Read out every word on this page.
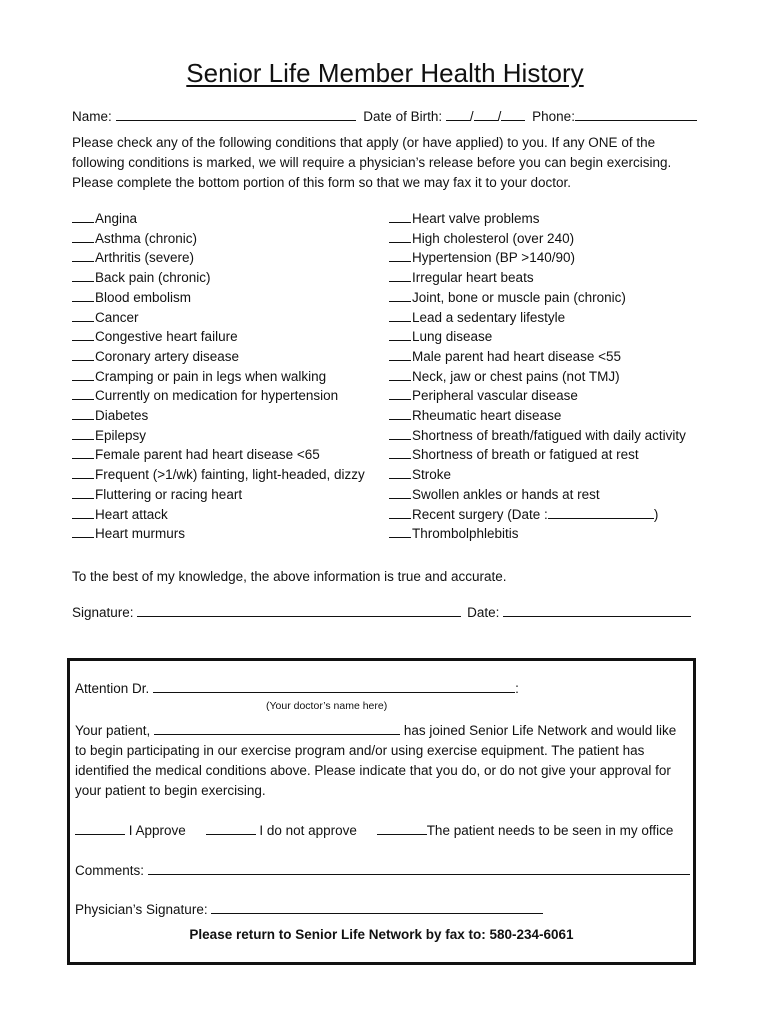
Senior Life Member Health History
Name:	Date of Birth: / / Phone:

Please check any of the following conditions that apply (or have applied) to you. If any ONE of the

following conditions is marked, we will require a physician’s release before you can begin exercising.

Please complete the bottom portion of this form so that we may fax it to your doctor.

Angina
Asthma (chronic)
Arthritis (severe)
Back pain (chronic)
Blood embolism
Cancer
Congestive heart failure
Coronary artery disease
Cramping or pain in legs when walking
Currently on medication for hypertension
Diabetes
Epilepsy
Female parent had heart disease <65
Frequent (>1/wk) fainting, light-headed, dizzy
Fluttering or racing heart
Heart attack
Heart murmurs
Heart valve problems
High cholesterol (over 240)
Hypertension (BP >140/90)
Irregular heart beats
Joint, bone or muscle pain (chronic)
Lead a sedentary lifestyle
Lung disease
Male parent had heart disease <55
Neck, jaw or chest pains (not TMJ)
Peripheral vascular disease
Rheumatic heart disease
Shortness of breath/fatigued with daily activity
Shortness of breath or fatigued at rest
Stroke
Swollen ankles or hands at rest
Recent surgery (Date :	)
Thrombolphlebitis
To the best of my knowledge, the above information is true and accurate.
Signature:	Date:
Attention Dr.	:
(Your doctor’s name here)
Your patient,	has joined Senior Life Network and would like
to begin participating in our exercise program and/or using exercise equipment. The patient has
identified the medical conditions above. Please indicate that you do, or do not give your approval for
your patient to begin exercising.
I Approve	I do not approve	The patient needs to be seen in my office
Comments:
Physician’s Signature:
Please return to Senior Life Network by fax to: 580-234-6061
